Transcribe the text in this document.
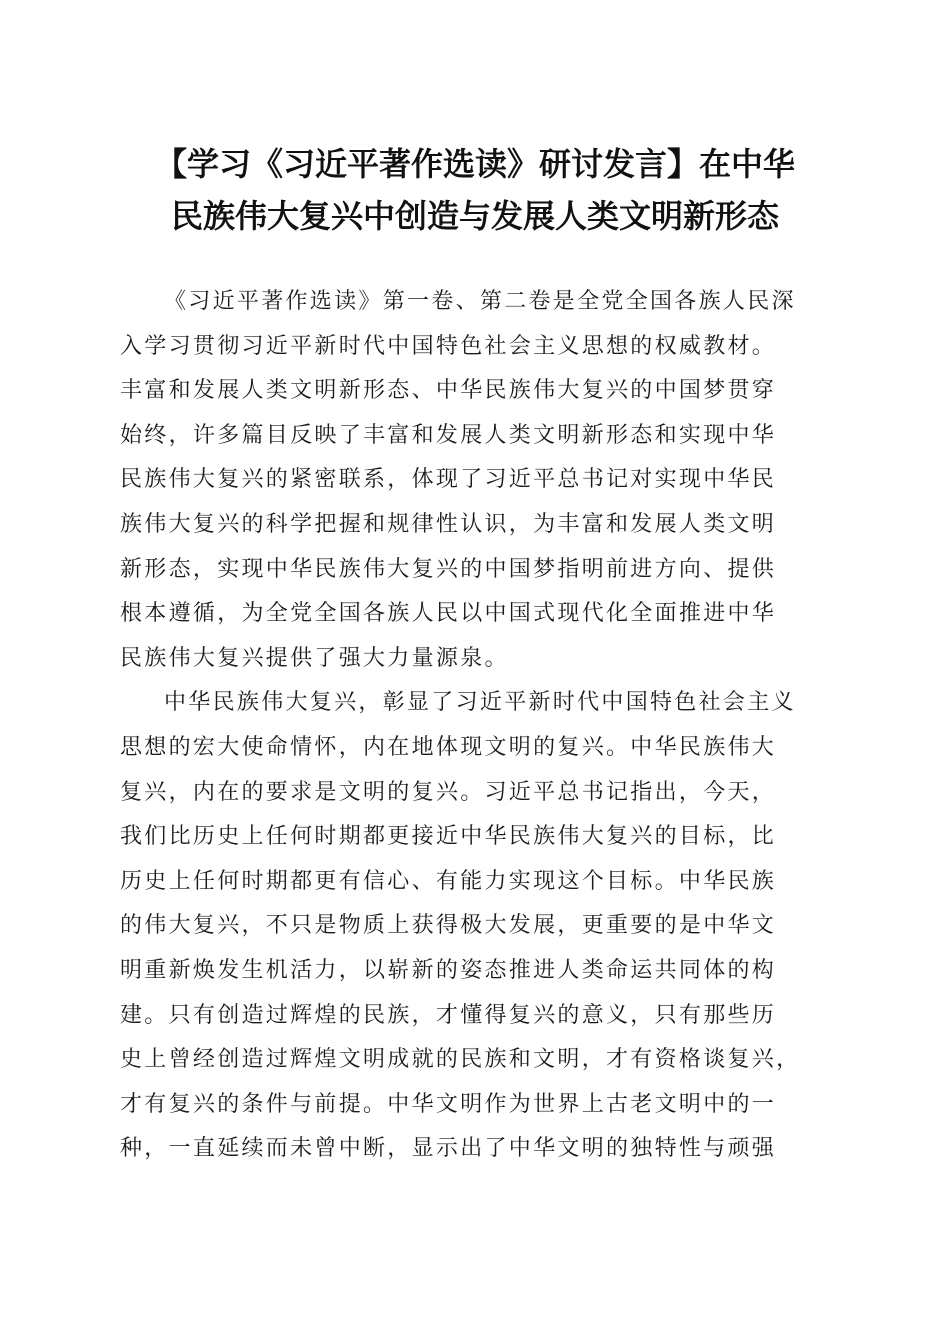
【学习《习近平著作选读》研讨发言】在中华
民族伟大复兴中创造与发展人类文明新形态
《习近平著作选读》第一卷、第二卷是全党全国各族人民深
入学习贯彻习近平新时代中国特色社会主义思想的权威教材。
丰富和发展人类文明新形态、中华民族伟大复兴的中国梦贯穿
始终，许多篇目反映了丰富和发展人类文明新形态和实现中华
民族伟大复兴的紧密联系，体现了习近平总书记对实现中华民
族伟大复兴的科学把握和规律性认识，为丰富和发展人类文明
新形态，实现中华民族伟大复兴的中国梦指明前进方向、提供
根本遵循，为全党全国各族人民以中国式现代化全面推进中华
民族伟大复兴提供了强大力量源泉。
中华民族伟大复兴，彰显了习近平新时代中国特色社会主义
思想的宏大使命情怀，内在地体现文明的复兴。中华民族伟大
复兴，内在的要求是文明的复兴。习近平总书记指出，今天，
我们比历史上任何时期都更接近中华民族伟大复兴的目标，比
历史上任何时期都更有信心、有能力实现这个目标。中华民族
的伟大复兴，不只是物质上获得极大发展，更重要的是中华文
明重新焕发生机活力，以崭新的姿态推进人类命运共同体的构
建。只有创造过辉煌的民族，才懂得复兴的意义，只有那些历
史上曾经创造过辉煌文明成就的民族和文明，才有资格谈复兴，
才有复兴的条件与前提。中华文明作为世界上古老文明中的一
种，一直延续而未曾中断，显示出了中华文明的独特性与顽强
